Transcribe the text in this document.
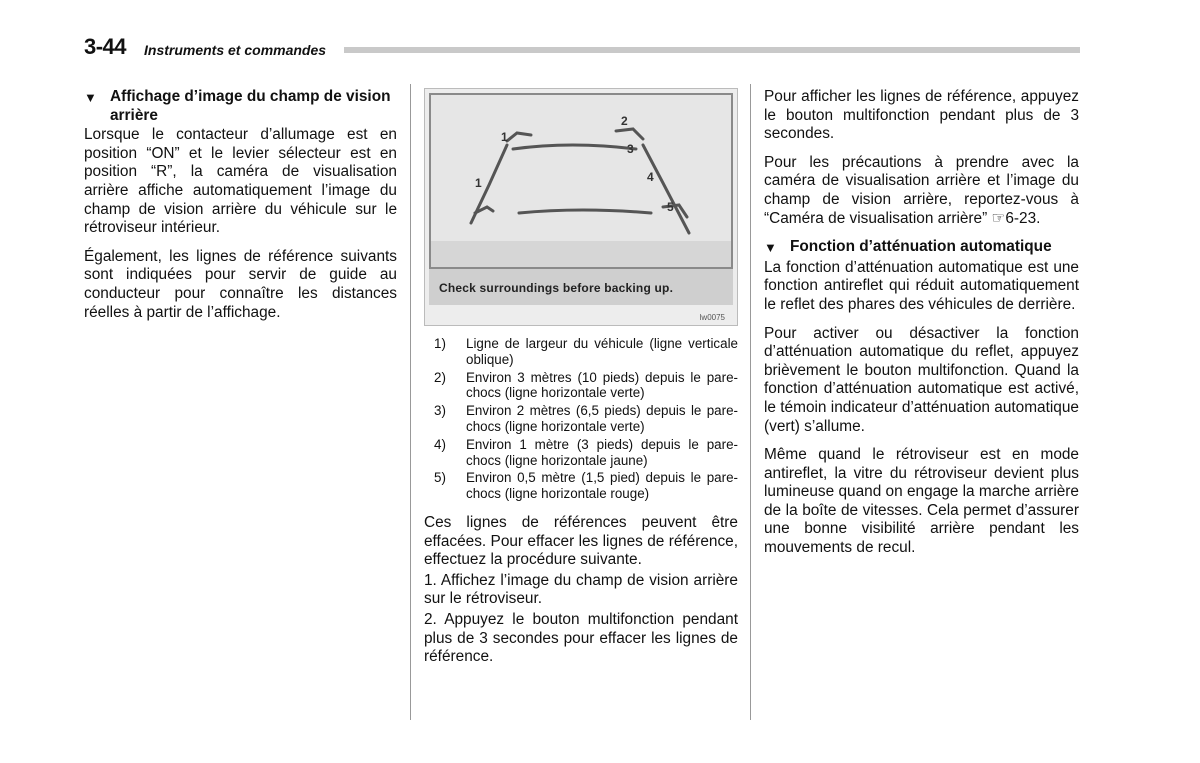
3-44 Instruments et commandes
▼ Affichage d’image du champ de vision arrière

Lorsque le contacteur d’allumage est en position “ON” et le levier sélecteur est en position “R”, la caméra de visualisation arrière affiche automatiquement l’image du champ de vision arrière du véhicule sur le rétroviseur intérieur.

Également, les lignes de référence suivants sont indiquées pour servir de guide au conducteur pour connaître les distances réelles à partir de l’affichage.

1
1
2
3
4
5
Check surroundings before backing up.
lw0075
1)	Ligne de largeur du véhicule (ligne verticale oblique)
2)	Environ 3 mètres (10 pieds) depuis le pare-chocs (ligne horizontale verte)
3)	Environ 2 mètres (6,5 pieds) depuis le pare-chocs (ligne horizontale verte)
4)	Environ 1 mètre (3 pieds) depuis le pare-chocs (ligne horizontale jaune)
5)	Environ 0,5 mètre (1,5 pied) depuis le pare-chocs (ligne horizontale rouge)

Ces lignes de références peuvent être effacées. Pour effacer les lignes de référence, effectuez la procédure suivante.

1. Affichez l’image du champ de vision arrière sur le rétroviseur.

2. Appuyez le bouton multifonction pendant plus de 3 secondes pour effacer les lignes de référence.

Pour afficher les lignes de référence, appuyez le bouton multifonction pendant plus de 3 secondes.

Pour les précautions à prendre avec la caméra de visualisation arrière et l’image du champ de vision arrière, reportez-vous à “Caméra de visualisation arrière” ☞6-23.

▼ Fonction d’atténuation automatique

La fonction d’atténuation automatique est une fonction antireflet qui réduit automatiquement le reflet des phares des véhicules de derrière.

Pour activer ou désactiver la fonction d’atténuation automatique du reflet, appuyez brièvement le bouton multifonction. Quand la fonction d’atténuation automatique est activé, le témoin indicateur d’atténuation automatique (vert) s’allume.

Même quand le rétroviseur est en mode antireflet, la vitre du rétroviseur devient plus lumineuse quand on engage la marche arrière de la boîte de vitesses. Cela permet d’assurer une bonne visibilité arrière pendant les mouvements de recul.
